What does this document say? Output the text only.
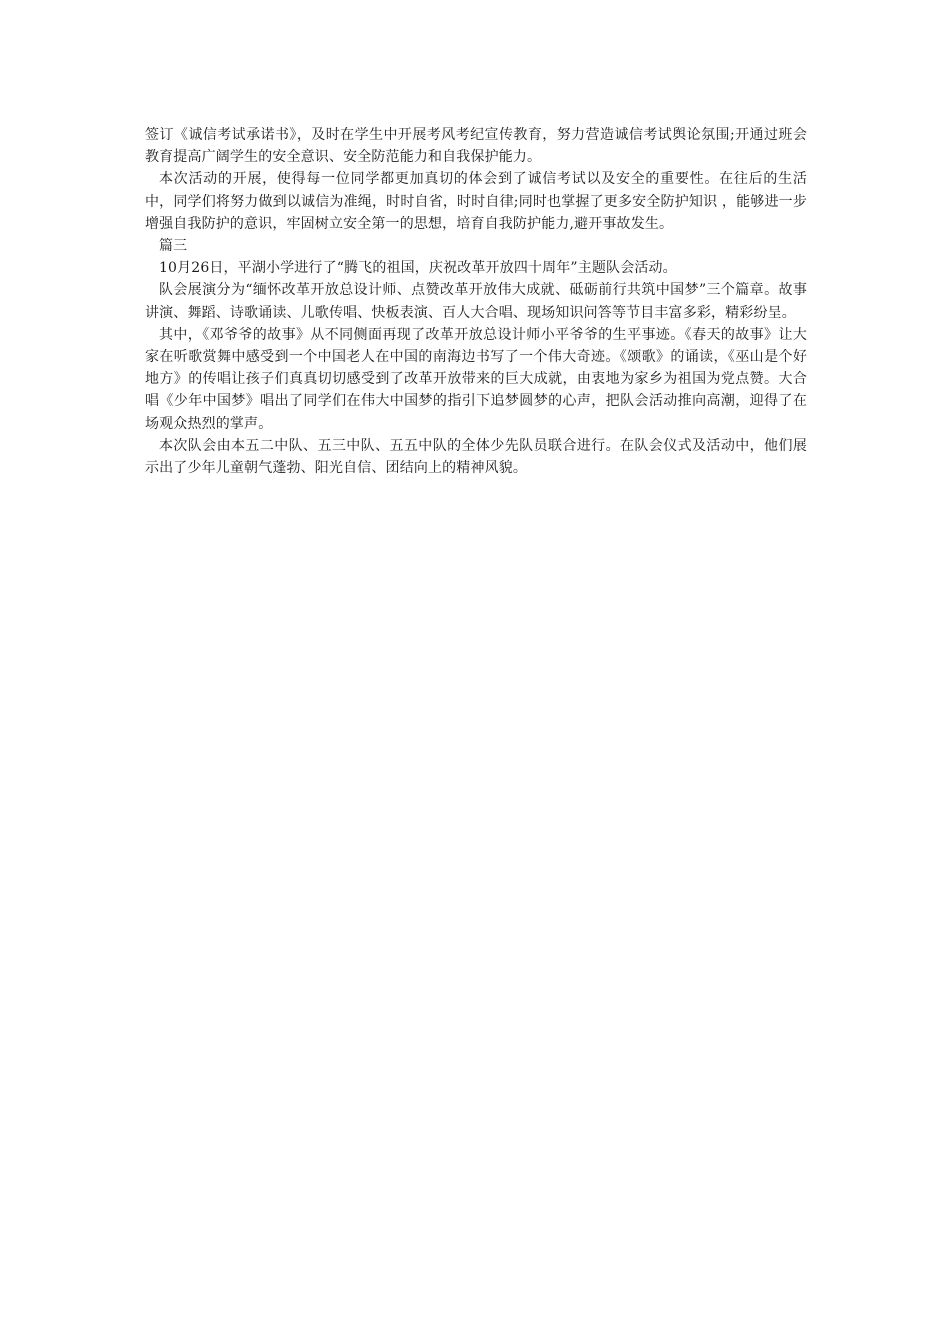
签订《诚信考试承诺书》，及时在学生中开展考风考纪宣传教育，努力营造诚信考试舆论氛围;开通过班会教育提高广阔学生的安全意识、安全防范能力和自我保护能力。

本次活动的开展，使得每一位同学都更加真切的体会到了诚信考试以及安全的重要性。在往后的生活中，同学们将努力做到以诚信为准绳，时时自省，时时自律;同时也掌握了更多安全防护知识 ，能够进一步增强自我防护的意识，牢固树立安全第一的思想，培育自我防护能力,避开事故发生。

篇三

10月26日，平湖小学进行了“腾飞的祖国，庆祝改革开放四十周年”主题队会活动。

队会展演分为“缅怀改革开放总设计师、点赞改革开放伟大成就、砥砺前行共筑中国梦”三个篇章。故事讲演、舞蹈、诗歌诵读、儿歌传唱、快板表演、百人大合唱、现场知识问答等节目丰富多彩，精彩纷呈。

其中，《邓爷爷的故事》从不同侧面再现了改革开放总设计师小平爷爷的生平事迹。《春天的故事》让大家在听歌赏舞中感受到一个中国老人在中国的南海边书写了一个伟大奇迹。《颂歌》的诵读，《巫山是个好地方》的传唱让孩子们真真切切感受到了改革开放带来的巨大成就，由衷地为家乡为祖国为党点赞。大合唱《少年中国梦》唱出了同学们在伟大中国梦的指引下追梦圆梦的心声，把队会活动推向高潮，迎得了在场观众热烈的掌声。

本次队会由本五二中队、五三中队、五五中队的全体少先队员联合进行。在队会仪式及活动中，他们展示出了少年儿童朝气蓬勃、阳光自信、团结向上的精神风貌。
